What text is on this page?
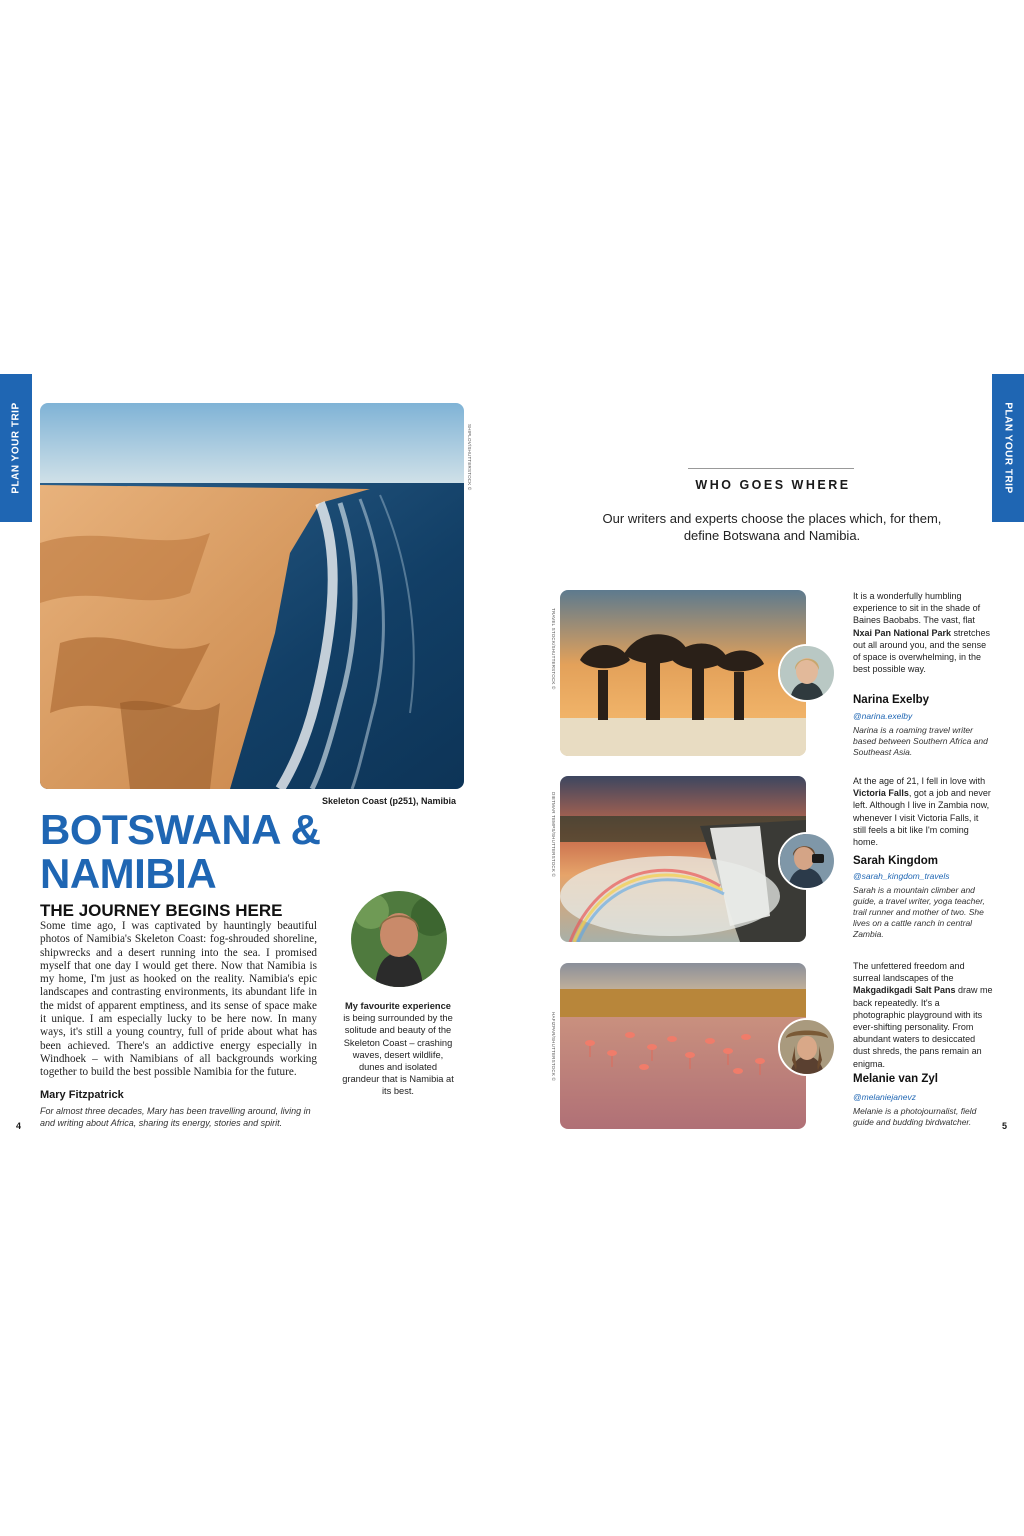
PLAN YOUR TRIP	PLAN YOUR TRIP
SHIPLOV/SHUTTERSTOCK ©
Skeleton Coast (p251), Namibia
BOTSWANA &
NAMIBIA
THE JOURNEY BEGINS HERE

Some time ago, I was captivated by hauntingly beautiful photos of Namibia's Skeleton Coast: fog-shrouded shoreline, shipwrecks and a desert running into the sea. I promised myself that one day I would get there. Now that Namibia is my home, I'm just as hooked on the reality. Namibia's epic landscapes and contrasting environments, its abundant life in the midst of apparent emptiness, and its sense of space make it unique. I am especially lucky to be here now. In many ways, it's still a young country, full of pride about what has been achieved. There's an addictive energy especially in Windhoek – with Namibians of all backgrounds working together to build the best possible Namibia for the future.

Mary Fitzpatrick

For almost three decades, Mary has been travelling around, living in and writing about Africa, sharing its energy, stories and spirit.

4
My favourite experience is being surrounded by the solitude and beauty of the Skeleton Coast – crashing waves, desert wildlife, dunes and isolated grandeur that is Namibia at its best.
WHO GOES WHERE

Our writers and experts choose the places which, for them, define Botswana and Namibia.

TRAVEL STOCK/SHUTTERSTOCK ©

It is a wonderfully humbling experience to sit in the shade of Baines Baobabs. The vast, flat Nxai Pan National Park stretches out all around you, and the sense of space is overwhelming, in the best possible way.

Narina Exelby
@narina.exelby

Narina is a roaming travel writer based between Southern Africa and Southeast Asia.

DIETMAR TEMPS/SHUTTERSTOCK ©

At the age of 21, I fell in love with Victoria Falls, got a job and never left. Although I live in Zambia now, whenever I visit Victoria Falls, it still feels a bit like I'm coming home.

Sarah Kingdom
@sarah_kingdom_travels

Sarah is a mountain climber and guide, a travel writer, yoga teacher, trail runner and mother of two. She lives on a cattle ranch in central Zambia.

HAFIZPAR/SHUTTERSTOCK ©

The unfettered freedom and surreal landscapes of the Makgadikgadi Salt Pans draw me back repeatedly. It's a photographic playground with its ever-shifting personality. From abundant waters to desiccated dust shreds, the pans remain an enigma.

Melanie van Zyl
@melaniejanevz

Melanie is a photojournalist, field guide and budding birdwatcher.	5
